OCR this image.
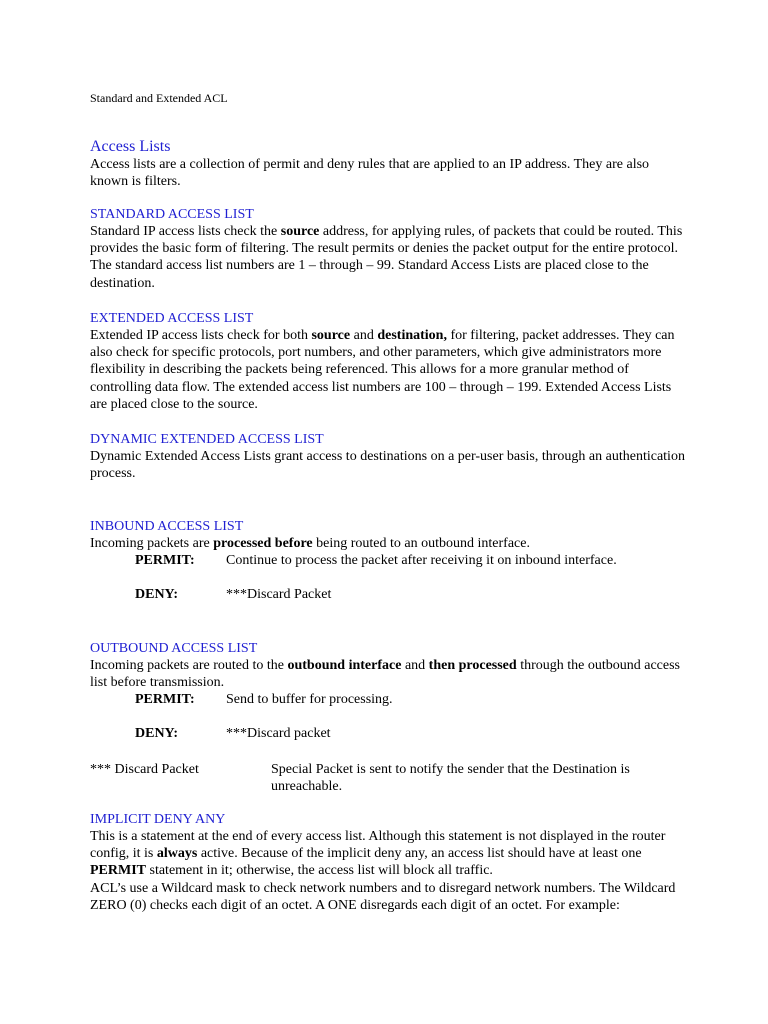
Standard and Extended ACL
Access Lists

Access lists are a collection of permit and deny rules that are applied to an IP address. They are also known is filters.

STANDARD ACCESS LIST

Standard IP access lists check the source address, for applying rules, of packets that could be routed. This provides the basic form of filtering. The result permits or denies the packet output for the entire protocol. The standard access list numbers are 1 – through – 99. Standard Access Lists are placed close to the destination.

EXTENDED ACCESS LIST

Extended IP access lists check for both source and destination, for filtering, packet addresses. They can also check for specific protocols, port numbers, and other parameters, which give administrators more flexibility in describing the packets being referenced. This allows for a more granular method of controlling data flow. The extended access list numbers are 100 – through – 199. Extended Access Lists are placed close to the source.

DYNAMIC EXTENDED ACCESS LIST

Dynamic Extended Access Lists grant access to destinations on a per-user basis, through an authentication process.

INBOUND ACCESS LIST

Incoming packets are processed before being routed to an outbound interface.

PERMIT: Continue to process the packet after receiving it on inbound interface.
DENY:	***Discard Packet
OUTBOUND ACCESS LIST

Incoming packets are routed to the outbound interface and then processed through the outbound access list before transmission.

PERMIT: Send to buffer for processing.
DENY:	***Discard packet
*** Discard Packet	Special Packet is sent to notify the sender that the Destination is unreachable.
IMPLICIT DENY ANY

This is a statement at the end of every access list. Although this statement is not displayed in the router config, it is always active. Because of the implicit deny any, an access list should have at least one PERMIT statement in it; otherwise, the access list will block all traffic.

ACL’s use a Wildcard mask to check network numbers and to disregard network numbers. The Wildcard ZERO (0) checks each digit of an octet. A ONE disregards each digit of an octet. For example:
